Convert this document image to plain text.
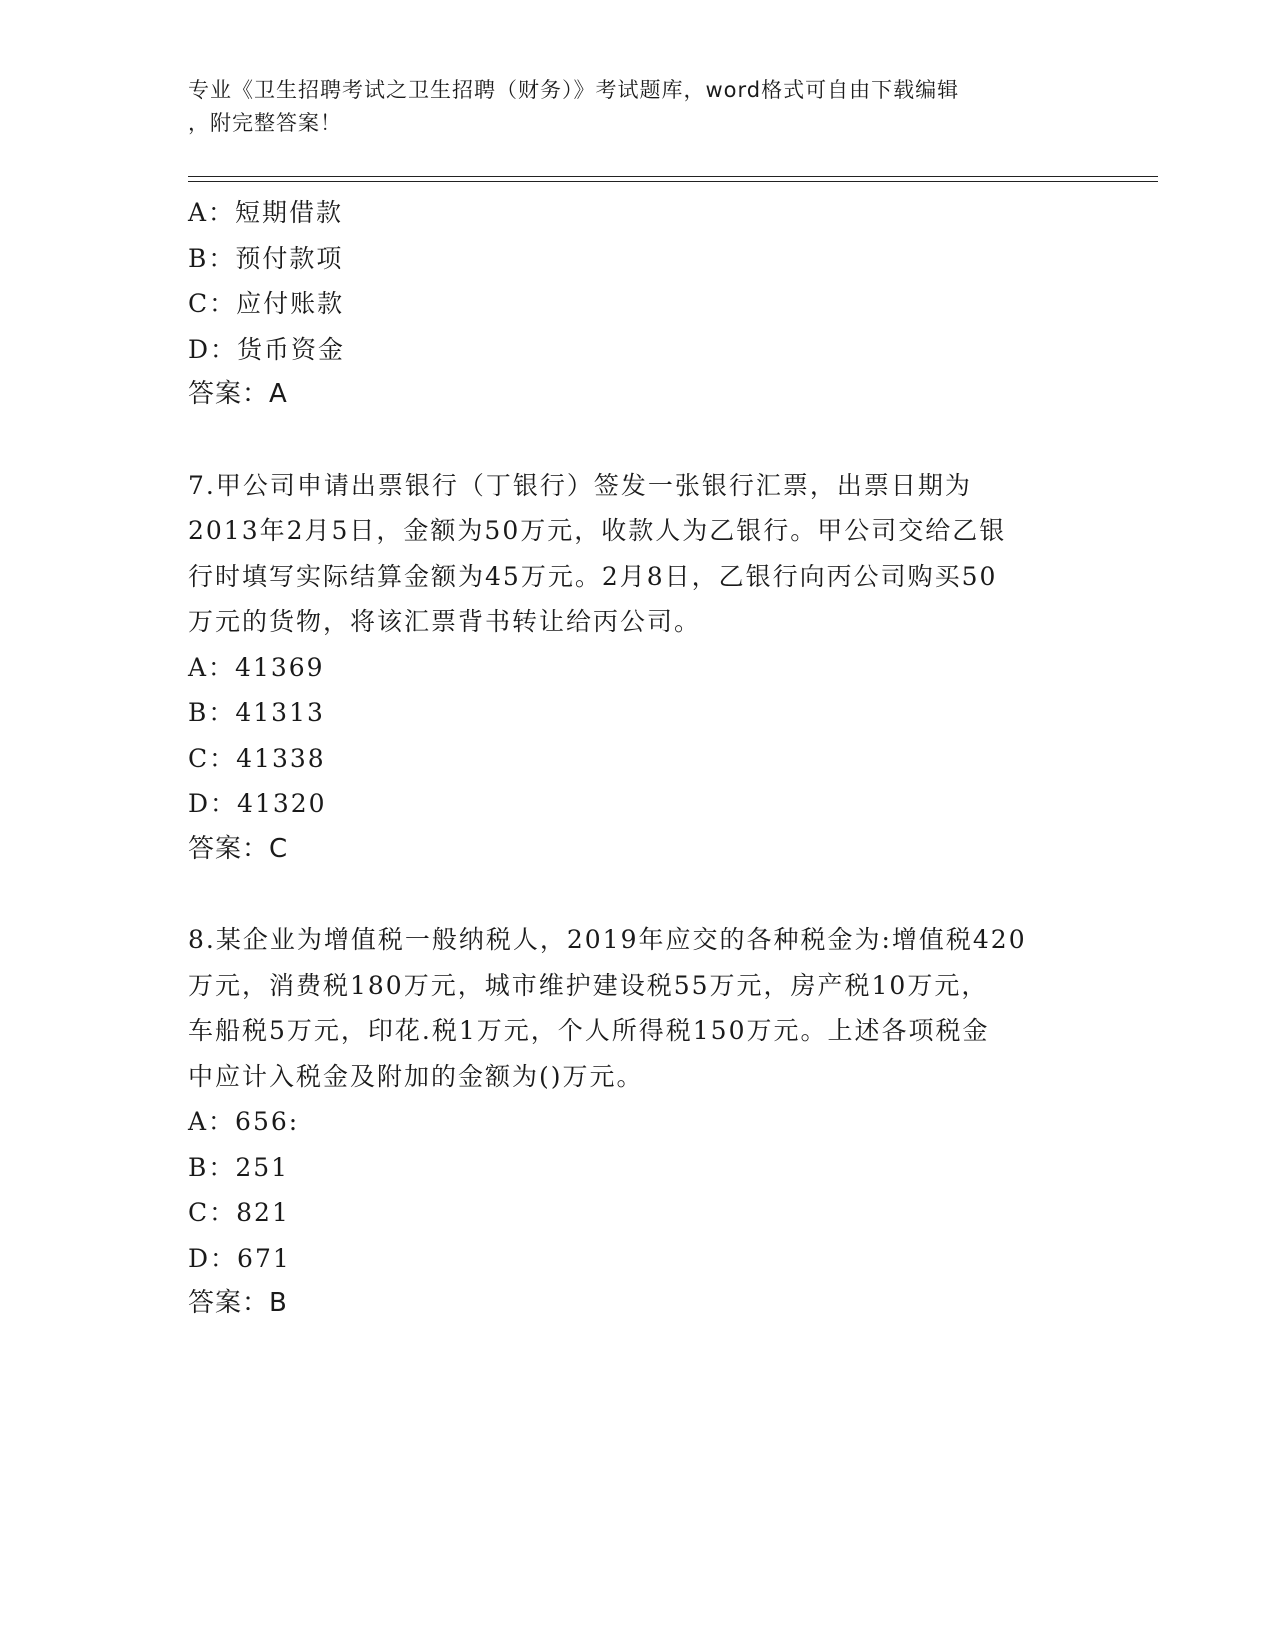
专业《卫生招聘考试之卫生招聘（财务）》考试题库，word格式可自由下载编辑
，附完整答案！
A：短期借款
B：预付款项
C：应付账款
D：货币资金
答案：A
7.甲公司申请出票银行（丁银行）签发一张银行汇票，出票日期为
2013年2月5日，金额为50万元，收款人为乙银行。甲公司交给乙银
行时填写实际结算金额为45万元。2月8日，乙银行向丙公司购买50
万元的货物，将该汇票背书转让给丙公司。
A：41369
B：41313
C：41338
D：41320
答案：C
8.某企业为增值税一般纳税人，2019年应交的各种税金为:增值税420
万元，消费税180万元，城市维护建设税55万元，房产税10万元，
车船税5万元，印花.税1万元，个人所得税150万元。上述各项税金
中应计入税金及附加的金额为()万元。
A：656:
B：251
C：821
D：671
答案：B
